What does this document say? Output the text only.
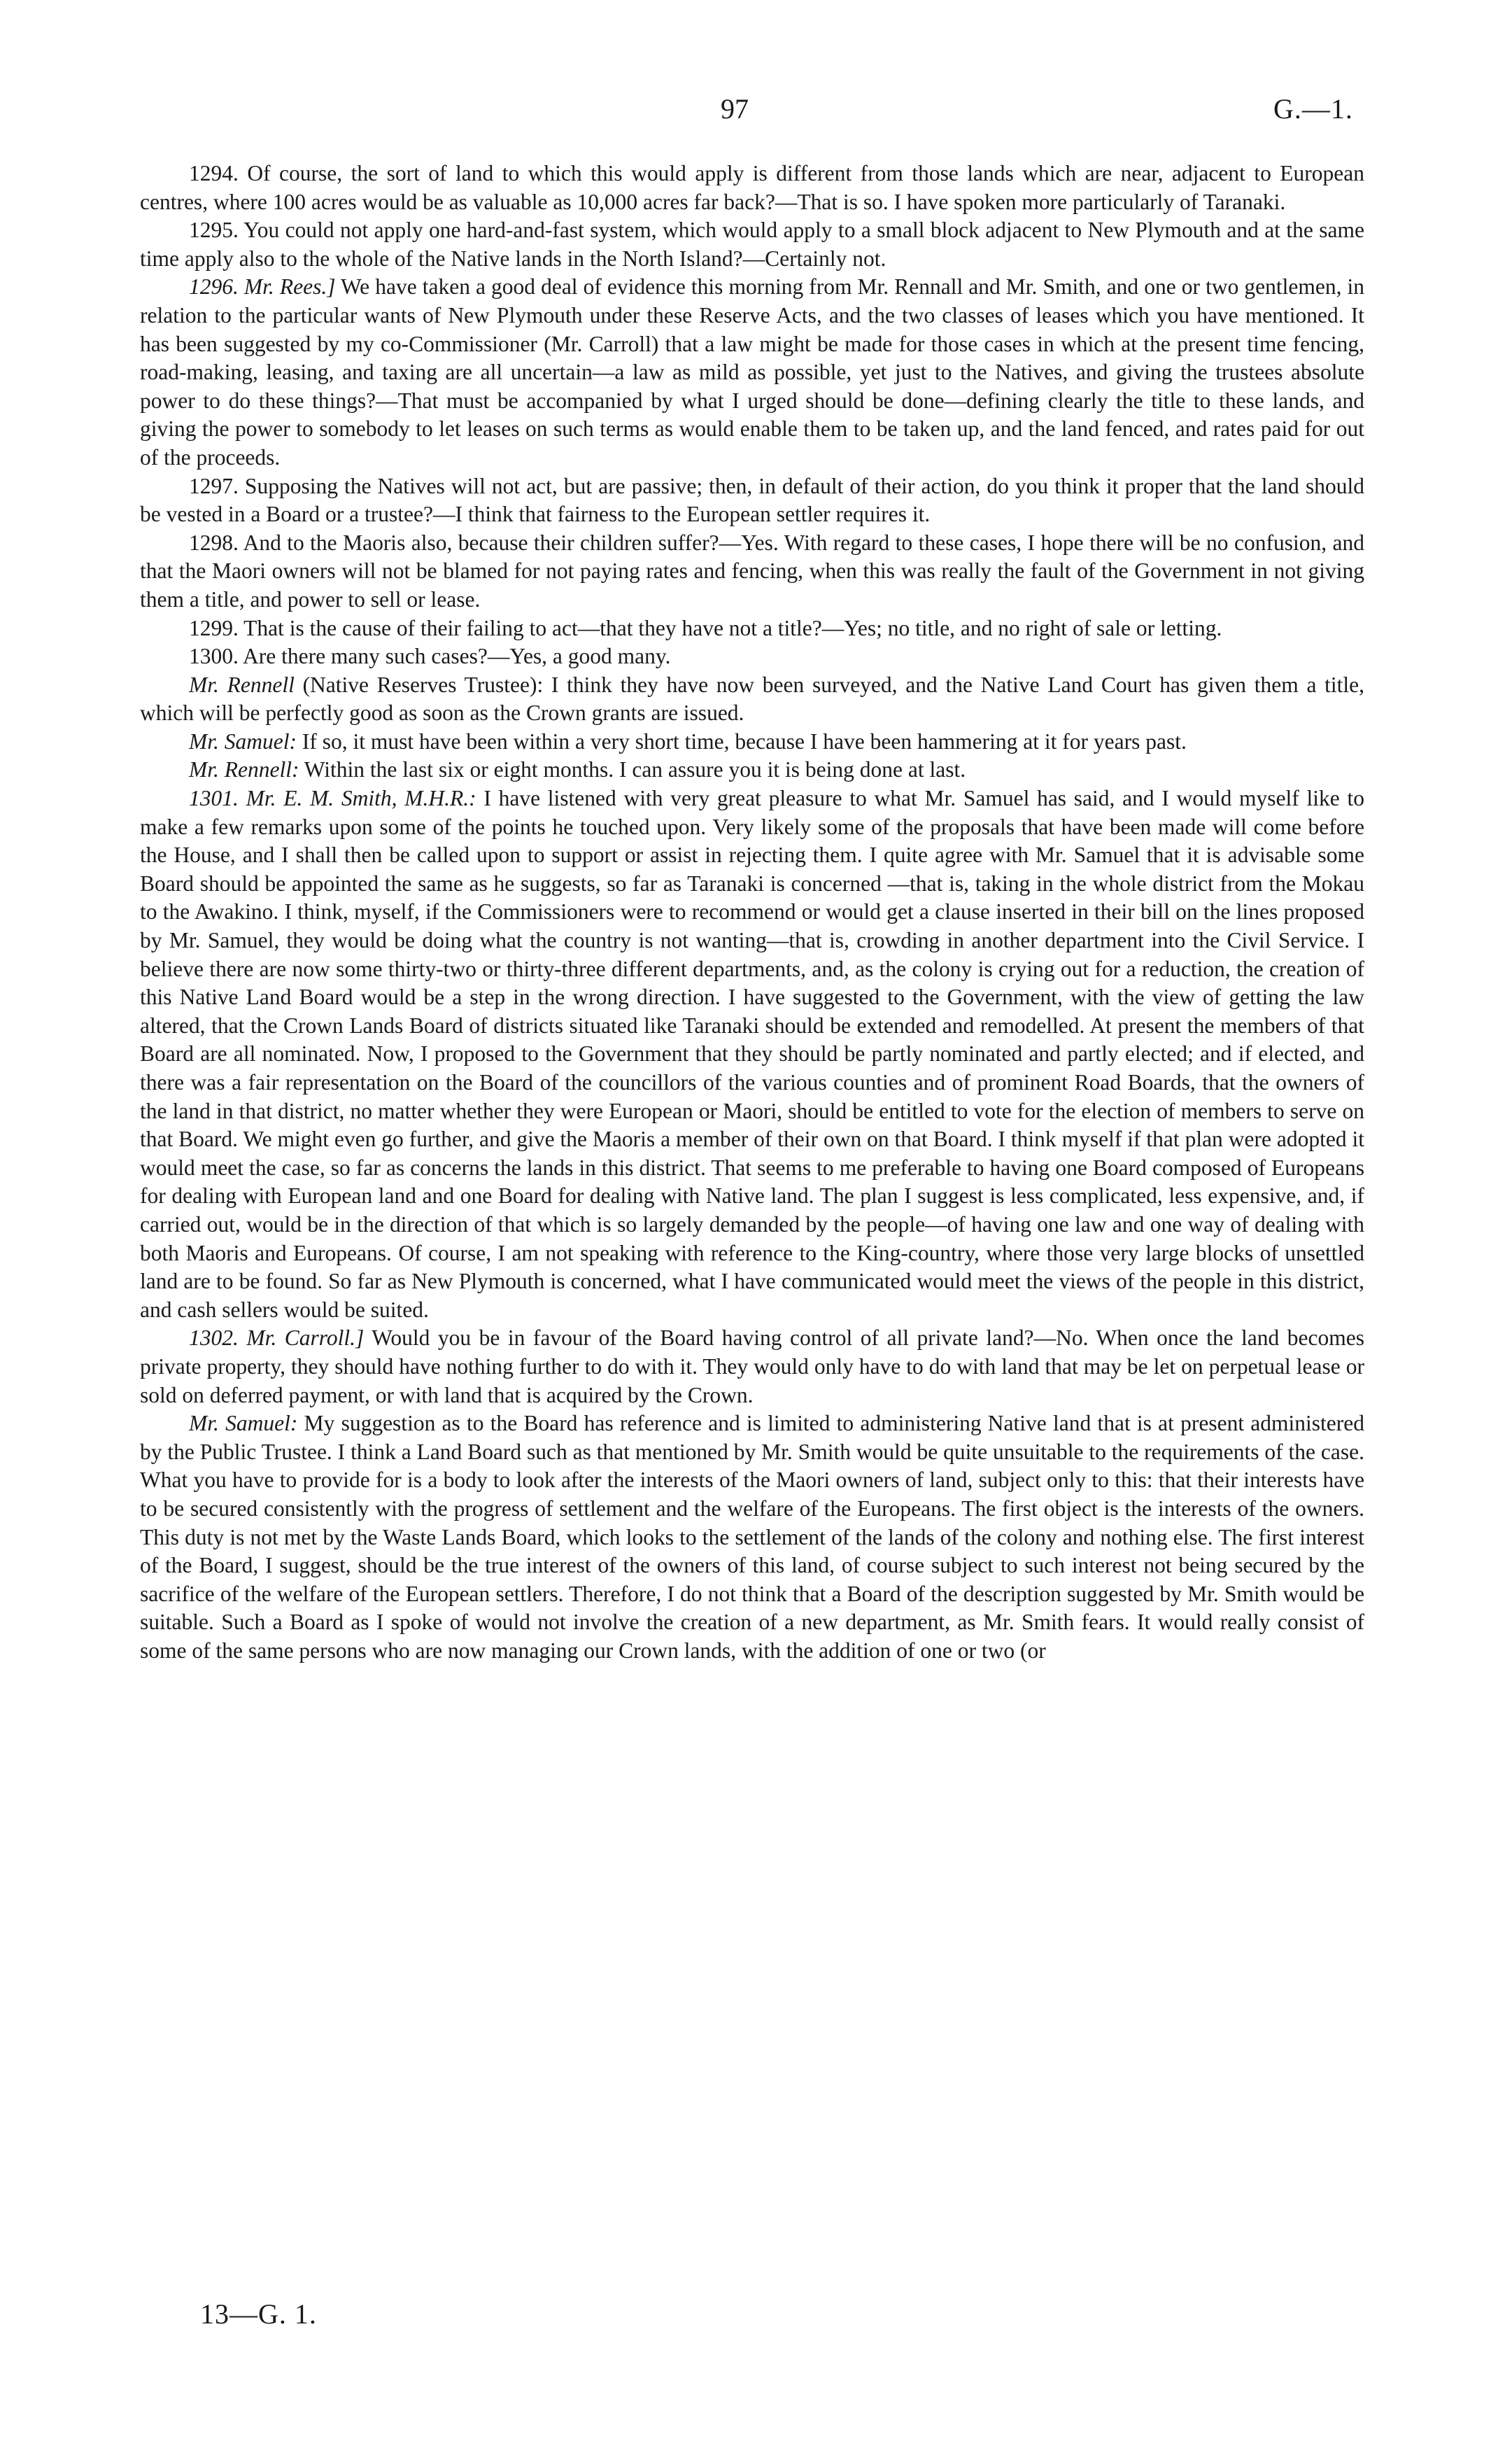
97	G.—1.

1294. Of course, the sort of land to which this would apply is different from those lands which are near, adjacent to European centres, where 100 acres would be as valuable as 10,000 acres far back?—That is so. I have spoken more particularly of Taranaki.

1295. You could not apply one hard-and-fast system, which would apply to a small block adjacent to New Plymouth and at the same time apply also to the whole of the Native lands in the North Island?—Certainly not.

1296. Mr. Rees.] We have taken a good deal of evidence this morning from Mr. Rennall and Mr. Smith, and one or two gentlemen, in relation to the particular wants of New Plymouth under these Reserve Acts, and the two classes of leases which you have mentioned. It has been suggested by my co-Commissioner (Mr. Carroll) that a law might be made for those cases in which at the present time fencing, road-making, leasing, and taxing are all uncertain—a law as mild as possible, yet just to the Natives, and giving the trustees absolute power to do these things?—That must be accompanied by what I urged should be done—defining clearly the title to these lands, and giving the power to somebody to let leases on such terms as would enable them to be taken up, and the land fenced, and rates paid for out of the proceeds.

1297. Supposing the Natives will not act, but are passive; then, in default of their action, do you think it proper that the land should be vested in a Board or a trustee?—I think that fairness to the European settler requires it.

1298. And to the Maoris also, because their children suffer?—Yes. With regard to these cases, I hope there will be no confusion, and that the Maori owners will not be blamed for not paying rates and fencing, when this was really the fault of the Government in not giving them a title, and power to sell or lease.

1299. That is the cause of their failing to act—that they have not a title?—Yes; no title, and no right of sale or letting.

1300. Are there many such cases?—Yes, a good many.

Mr. Rennell (Native Reserves Trustee): I think they have now been surveyed, and the Native Land Court has given them a title, which will be perfectly good as soon as the Crown grants are issued.

Mr. Samuel: If so, it must have been within a very short time, because I have been hammering at it for years past.

Mr. Rennell: Within the last six or eight months. I can assure you it is being done at last.

1301. Mr. E. M. Smith, M.H.R.: I have listened with very great pleasure to what Mr. Samuel has said, and I would myself like to make a few remarks upon some of the points he touched upon. Very likely some of the proposals that have been made will come before the House, and I shall then be called upon to support or assist in rejecting them. I quite agree with Mr. Samuel that it is advisable some Board should be appointed the same as he suggests, so far as Taranaki is concerned —that is, taking in the whole district from the Mokau to the Awakino. I think, myself, if the Commissioners were to recommend or would get a clause inserted in their bill on the lines proposed by Mr. Samuel, they would be doing what the country is not wanting—that is, crowding in another department into the Civil Service. I believe there are now some thirty-two or thirty-three different departments, and, as the colony is crying out for a reduction, the creation of this Native Land Board would be a step in the wrong direction. I have suggested to the Government, with the view of getting the law altered, that the Crown Lands Board of districts situated like Taranaki should be extended and remodelled. At present the members of that Board are all nominated. Now, I proposed to the Government that they should be partly nominated and partly elected; and if elected, and there was a fair representation on the Board of the councillors of the various counties and of prominent Road Boards, that the owners of the land in that district, no matter whether they were European or Maori, should be entitled to vote for the election of members to serve on that Board. We might even go further, and give the Maoris a member of their own on that Board. I think myself if that plan were adopted it would meet the case, so far as concerns the lands in this district. That seems to me preferable to having one Board composed of Europeans for dealing with European land and one Board for dealing with Native land. The plan I suggest is less complicated, less expensive, and, if carried out, would be in the direction of that which is so largely demanded by the people—of having one law and one way of dealing with both Maoris and Europeans. Of course, I am not speaking with reference to the King-country, where those very large blocks of unsettled land are to be found. So far as New Plymouth is concerned, what I have communicated would meet the views of the people in this district, and cash sellers would be suited.

1302. Mr. Carroll.] Would you be in favour of the Board having control of all private land?—No. When once the land becomes private property, they should have nothing further to do with it. They would only have to do with land that may be let on perpetual lease or sold on deferred payment, or with land that is acquired by the Crown.

Mr. Samuel: My suggestion as to the Board has reference and is limited to administering Native land that is at present administered by the Public Trustee. I think a Land Board such as that mentioned by Mr. Smith would be quite unsuitable to the requirements of the case. What you have to provide for is a body to look after the interests of the Maori owners of land, subject only to this: that their interests have to be secured consistently with the progress of settlement and the welfare of the Europeans. The first object is the interests of the owners. This duty is not met by the Waste Lands Board, which looks to the settlement of the lands of the colony and nothing else. The first interest of the Board, I suggest, should be the true interest of the owners of this land, of course subject to such interest not being secured by the sacrifice of the welfare of the European settlers. Therefore, I do not think that a Board of the description suggested by Mr. Smith would be suitable. Such a Board as I spoke of would not involve the creation of a new department, as Mr. Smith fears. It would really consist of some of the same persons who are now managing our Crown lands, with the addition of one or two (or

13—G. 1.
